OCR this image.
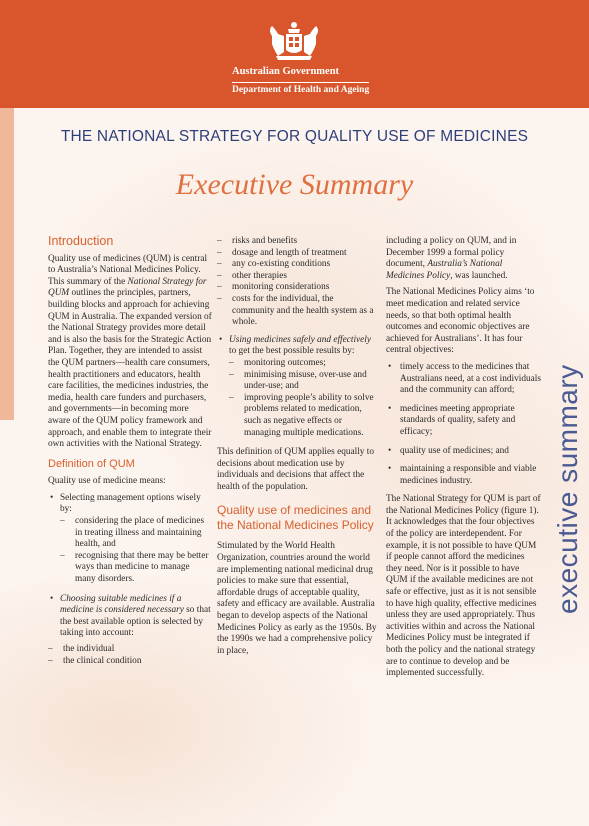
Australian Government
Department of Health and Ageing
THE NATIONAL STRATEGY FOR QUALITY USE OF MEDICINES
Executive Summary
executive summary
Introduction

Quality use of medicines (QUM) is central to Australia’s National Medicines Policy. This summary of the National Strategy for QUM outlines the principles, partners, building blocks and approach for achieving QUM in Australia. The expanded version of the National Strategy provides more detail and is also the basis for the Strategic Action Plan. Together, they are intended to assist the QUM partners—health care consumers, health practitioners and educators, health care facilities, the medicines industries, the media, health care funders and purchasers, and governments—in becoming more aware of the QUM policy framework and approach, and enable them to integrate their own activities with the National Strategy.

Definition of QUM

Quality use of medicine means:

• Selecting management options wisely by:
– considering the place of medicines in treating illness and maintaining health, and
– recognising that there may be better ways than medicine to manage many disorders.
• Choosing suitable medicines if a medicine is considered necessary so that the best available option is selected by taking into account:
– the individual
– the clinical condition
– risks and benefits
– dosage and length of treatment
– any co-existing conditions
– other therapies
– monitoring considerations
– costs for the individual, the community and the health system as a whole.
• Using medicines safely and effectively to get the best possible results by:
– monitoring outcomes;
– minimising misuse, over-use and under-use; and
– improving people’s ability to solve problems related to medication, such as negative effects or managing multiple medications.

This definition of QUM applies equally to decisions about medication use by individuals and decisions that affect the health of the population.

Quality use of medicines and the National Medicines Policy

Stimulated by the World Health Organization, countries around the world are implementing national medicinal drug policies to make sure that essential, affordable drugs of acceptable quality, safety and efficacy are available. Australia began to develop aspects of the National Medicines Policy as early as the 1950s. By the 1990s we had a comprehensive policy in place,

including a policy on QUM, and in December 1999 a formal policy document, Australia’s National Medicines Policy, was launched.

The National Medicines Policy aims ‘to meet medication and related service needs, so that both optimal health outcomes and economic objectives are achieved for Australians’. It has four central objectives:

• timely access to the medicines that Australians need, at a cost individuals and the community can afford;
• medicines meeting appropriate standards of quality, safety and efficacy;
• quality use of medicines; and
• maintaining a responsible and viable medicines industry.

The National Strategy for QUM is part of the National Medicines Policy (figure 1). It acknowledges that the four objectives of the policy are interdependent. For example, it is not possible to have QUM if people cannot afford the medicines they need. Nor is it possible to have QUM if the available medicines are not safe or effective, just as it is not sensible to have high quality, effective medicines unless they are used appropriately. Thus activities within and across the National Medicines Policy must be integrated if both the policy and the national strategy are to continue to develop and be implemented successfully.
